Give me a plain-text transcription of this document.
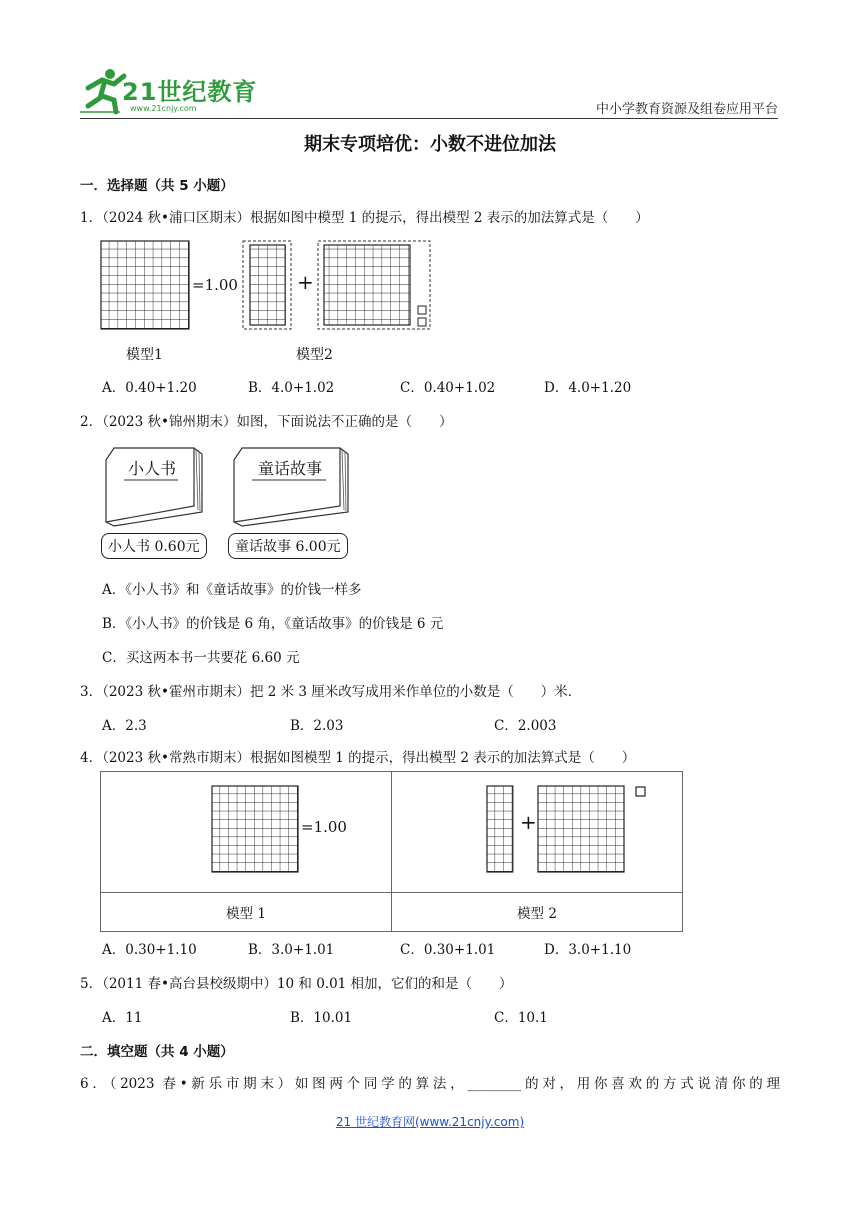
21世纪教育
www.21cnjy.com	中小学教育资源及组卷应用平台
期末专项培优：小数不进位加法
一．选择题（共 5 小题）
1．（2024 秋•浦口区期末）根据如图中模型 1 的提示，得出模型 2 表示的加法算式是（　　）
=1.00	+
模型1	模型2
A．0.40+1.20	B．4.0+1.02	C．0.40+1.02	D．4.0+1.20
2．（2023 秋•锦州期末）如图，下面说法不正确的是（　　）
小人书	童话故事
小人书 0.60元	童话故事 6.00元
A．《小人书》和《童话故事》的价钱一样多
B．《小人书》的价钱是 6 角，《童话故事》的价钱是 6 元
C．买这两本书一共要花 6.60 元
3．（2023 秋•霍州市期末）把 2 米 3 厘米改写成用米作单位的小数是（　　）米．
A．2.3	B．2.03	C．2.003
4．（2023 秋•常熟市期末）根据如图模型 1 的提示，得出模型 2 表示的加法算式是（　　）
=1.00	+

模型 1	模型 2
A．0.30+1.10	B．3.0+1.01	C．0.30+1.01	D．3.0+1.10
5．（2011 春•高台县校级期中）10 和 0.01 相加，它们的和是（　　）
A．11	B．10.01	C．10.1
二．填空题（共 4 小题）
6．（2023 春•新乐市期末）如图两个同学的算法，________的对，用你喜欢的方式说清你的理
21 世纪教育网(www.21cnjy.com)
